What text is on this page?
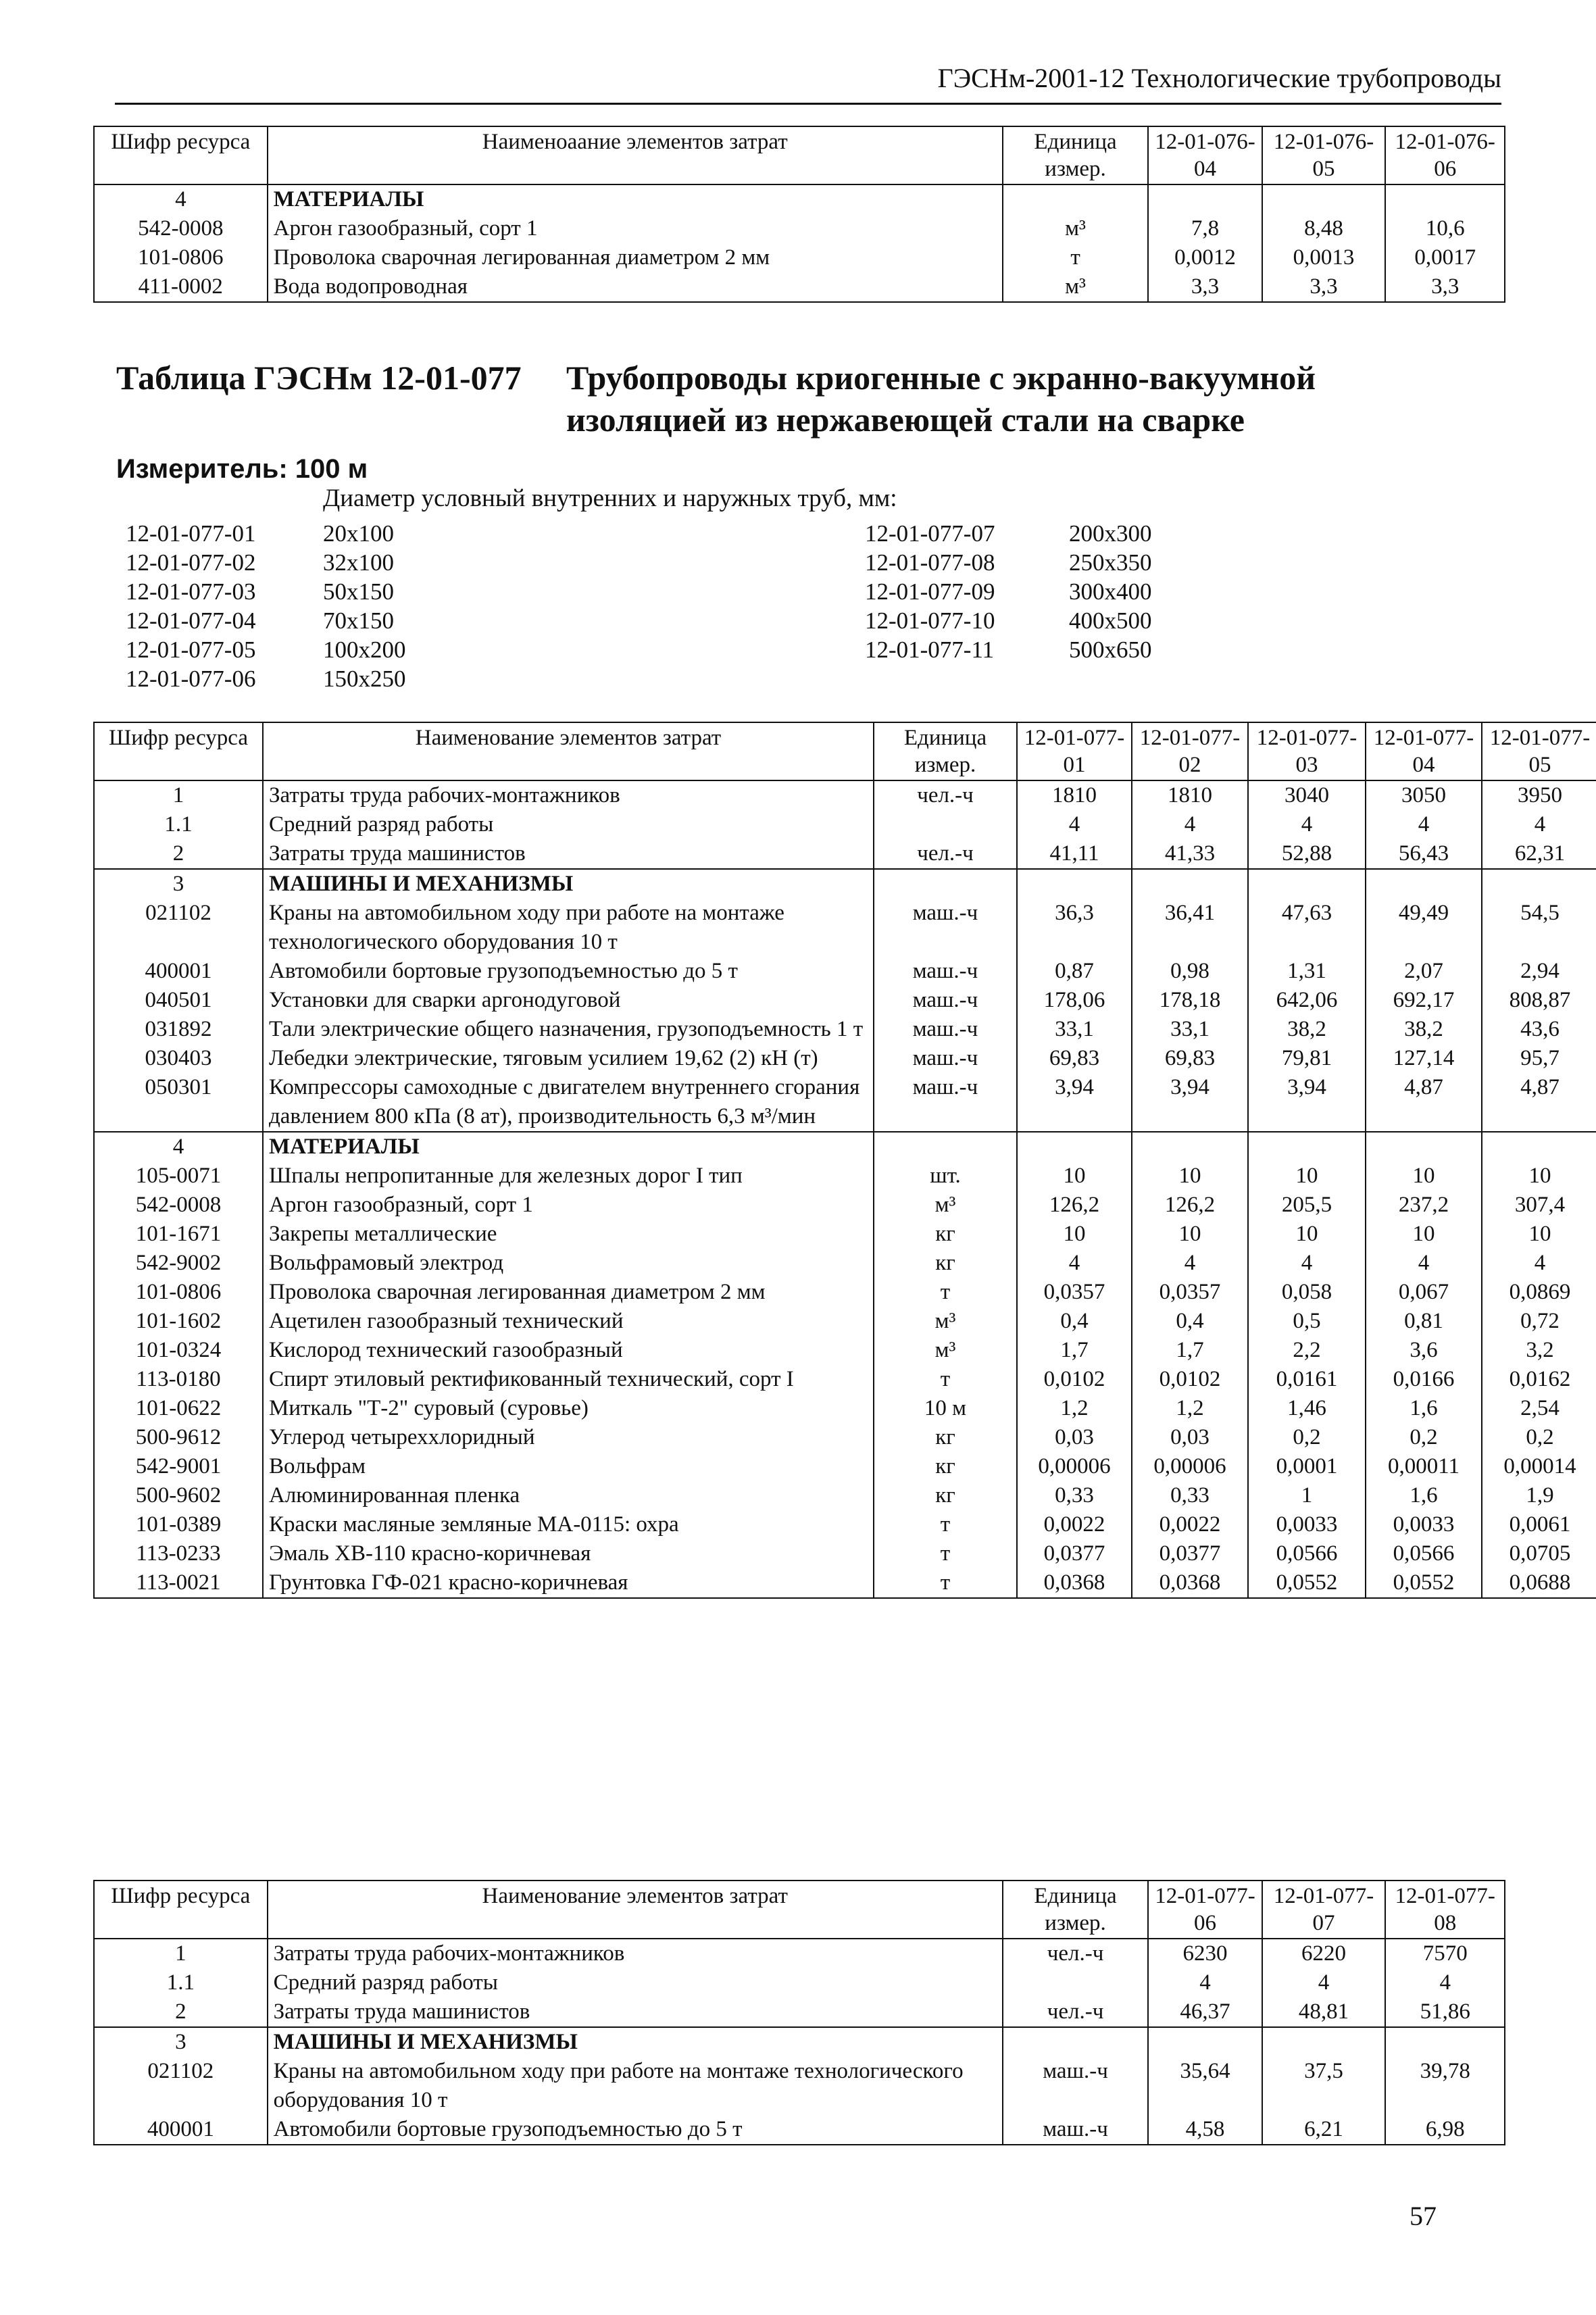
ГЭСНм-2001-12 Технологические трубопроводы
Шифр ресурса	Наименоаание элементов затрат	Единица измер.	12-01-076-04	12-01-076-05	12-01-076-06
4	МАТЕРИАЛЫ				
542-0008	Аргон газообразный, сорт 1	м³	7,8	8,48	10,6
101-0806	Проволока сварочная легированная диаметром 2 мм	т	0,0012	0,0013	0,0017
411-0002	Вода водопроводная	м³	3,3	3,3	3,3
Таблица ГЭСНм 12-01-077 Трубопроводы криогенные с экранно-вакуумной
изоляцией из нержавеющей стали на сварке
Измеритель: 100 м
Диаметр условный внутренних и наружных труб, мм:
12-01-077-01	20x100
12-01-077-02	32x100
12-01-077-03	50x150
12-01-077-04	70x150
12-01-077-05	100x200
12-01-077-06	150x250
12-01-077-07	200x300
12-01-077-08	250x350
12-01-077-09	300x400
12-01-077-10	400x500
12-01-077-11	500x650
Шифр ресурса	Наименование элементов затрат	Единица измер.	12-01-077-01	12-01-077-02	12-01-077-03	12-01-077-04	12-01-077-05
1	Затраты труда рабочих-монтажников	чел.-ч	1810	1810	3040	3050	3950
1.1	Средний разряд работы		4	4	4	4	4
2	Затраты труда машинистов	чел.-ч	41,11	41,33	52,88	56,43	62,31
3	МАШИНЫ И МЕХАНИЗМЫ						
021102	Краны на автомобильном ходу при работе на монтаже технологического оборудования 10 т	маш.-ч	36,3	36,41	47,63	49,49	54,5
400001	Автомобили бортовые грузоподъемностью до 5 т	маш.-ч	0,87	0,98	1,31	2,07	2,94
040501	Установки для сварки аргонодуговой	маш.-ч	178,06	178,18	642,06	692,17	808,87
031892	Тали электрические общего назначения, грузоподъемность 1 т	маш.-ч	33,1	33,1	38,2	38,2	43,6
030403	Лебедки электрические, тяговым усилием 19,62 (2) кН (т)	маш.-ч	69,83	69,83	79,81	127,14	95,7
050301	Компрессоры самоходные с двигателем внутреннего сгорания давлением 800 кПа (8 ат), производительность 6,3 м³/мин	маш.-ч	3,94	3,94	3,94	4,87	4,87
4	МАТЕРИАЛЫ						
105-0071	Шпалы непропитанные для железных дорог I тип	шт.	10	10	10	10	10
542-0008	Аргон газообразный, сорт 1	м³	126,2	126,2	205,5	237,2	307,4
101-1671	Закрепы металлические	кг	10	10	10	10	10
542-9002	Вольфрамовый электрод	кг	4	4	4	4	4
101-0806	Проволока сварочная легированная диаметром 2 мм	т	0,0357	0,0357	0,058	0,067	0,0869
101-1602	Ацетилен газообразный технический	м³	0,4	0,4	0,5	0,81	0,72
101-0324	Кислород технический газообразный	м³	1,7	1,7	2,2	3,6	3,2
113-0180	Спирт этиловый ректификованный технический, сорт I	т	0,0102	0,0102	0,0161	0,0166	0,0162
101-0622	Миткаль "Т-2" суровый (суровье)	10 м	1,2	1,2	1,46	1,6	2,54
500-9612	Углерод четыреххлоридный	кг	0,03	0,03	0,2	0,2	0,2
542-9001	Вольфрам	кг	0,00006	0,00006	0,0001	0,00011	0,00014
500-9602	Алюминированная пленка	кг	0,33	0,33	1	1,6	1,9
101-0389	Краски масляные земляные МА-0115: охра	т	0,0022	0,0022	0,0033	0,0033	0,0061
113-0233	Эмаль ХВ-110 красно-коричневая	т	0,0377	0,0377	0,0566	0,0566	0,0705
113-0021	Грунтовка ГФ-021 красно-коричневая	т	0,0368	0,0368	0,0552	0,0552	0,0688
Шифр ресурса	Наименование элементов затрат	Единица измер.	12-01-077-06	12-01-077-07	12-01-077-08
1	Затраты труда рабочих-монтажников	чел.-ч	6230	6220	7570
1.1	Средний разряд работы		4	4	4
2	Затраты труда машинистов	чел.-ч	46,37	48,81	51,86
3	МАШИНЫ И МЕХАНИЗМЫ				
021102	Краны на автомобильном ходу при работе на монтаже технологического оборудования 10 т	маш.-ч	35,64	37,5	39,78
400001	Автомобили бортовые грузоподъемностью до 5 т	маш.-ч	4,58	6,21	6,98
57
